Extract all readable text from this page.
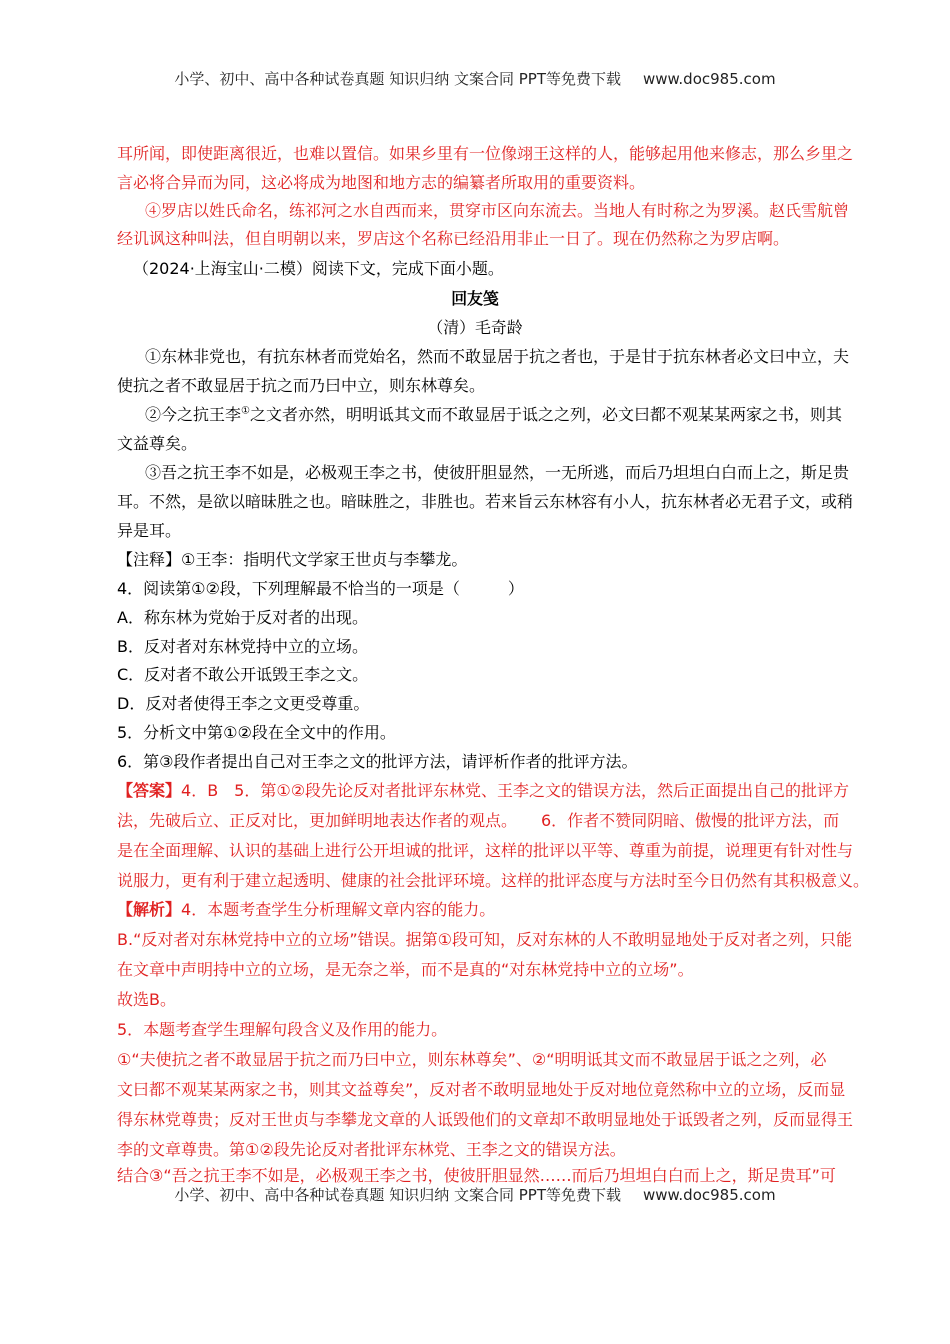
小学、初中、高中各种试卷真题 知识归纳 文案合同 PPT等免费下载 www.doc985.com
耳所闻，即使距离很近，也难以置信。如果乡里有一位像翊王这样的人，能够起用他来修志，那么乡里之
言必将合异而为同，这必将成为地图和地方志的编纂者所取用的重要资料。
④罗店以姓氏命名，练祁河之水自西而来，贯穿市区向东流去。当地人有时称之为罗溪。赵氏雪航曾
经讥讽这种叫法，但自明朝以来，罗店这个名称已经沿用非止一日了。现在仍然称之为罗店啊。
（2024·上海宝山·二模）阅读下文，完成下面小题。
回友笺
（清）毛奇龄
①东林非党也，有抗东林者而党始名，然而不敢显居于抗之者也，于是甘于抗东林者必文曰中立，夫
使抗之者不敢显居于抗之而乃曰中立，则东林尊矣。
②今之抗王李①之文者亦然，明明诋其文而不敢显居于诋之之列，必文曰都不观某某两家之书，则其
文益尊矣。
③吾之抗王李不如是，必极观王李之书，使彼肝胆显然，一无所逃，而后乃坦坦白白而上之，斯足贵
耳。不然，是欲以暗昧胜之也。暗昧胜之，非胜也。若来旨云东林容有小人，抗东林者必无君子文，或稍
异是耳。
【注释】①王李：指明代文学家王世贞与李攀龙。
4．阅读第①②段，下列理解最不恰当的一项是（　　　）
A．称东林为党始于反对者的出现。
B．反对者对东林党持中立的立场。
C．反对者不敢公开诋毁王李之文。
D．反对者使得王李之文更受尊重。
5．分析文中第①②段在全文中的作用。
6．第③段作者提出自己对王李之文的批评方法，请评析作者的批评方法。
【答案】4．B　5．第①②段先论反对者批评东林党、王李之文的错误方法，然后正面提出自己的批评方
法，先破后立、正反对比，更加鲜明地表达作者的观点。　　6．作者不赞同阴暗、傲慢的批评方法，而
是在全面理解、认识的基础上进行公开坦诚的批评，这样的批评以平等、尊重为前提，说理更有针对性与
说服力，更有利于建立起透明、健康的社会批评环境。这样的批评态度与方法时至今日仍然有其积极意义。
【解析】4．本题考查学生分析理解文章内容的能力。
B.“反对者对东林党持中立的立场”错误。据第①段可知，反对东林的人不敢明显地处于反对者之列，只能
在文章中声明持中立的立场，是无奈之举，而不是真的“对东林党持中立的立场”。
故选B。
5．本题考查学生理解句段含义及作用的能力。
①“夫使抗之者不敢显居于抗之而乃曰中立，则东林尊矣”、②“明明诋其文而不敢显居于诋之之列，必
文曰都不观某某两家之书，则其文益尊矣”，反对者不敢明显地处于反对地位竟然称中立的立场，反而显
得东林党尊贵；反对王世贞与李攀龙文章的人诋毁他们的文章却不敢明显地处于诋毁者之列，反而显得王
李的文章尊贵。第①②段先论反对者批评东林党、王李之文的错误方法。
结合③“吾之抗王李不如是，必极观王李之书，使彼肝胆显然……而后乃坦坦白白而上之，斯足贵耳”可
小学、初中、高中各种试卷真题 知识归纳 文案合同 PPT等免费下载 www.doc985.com
